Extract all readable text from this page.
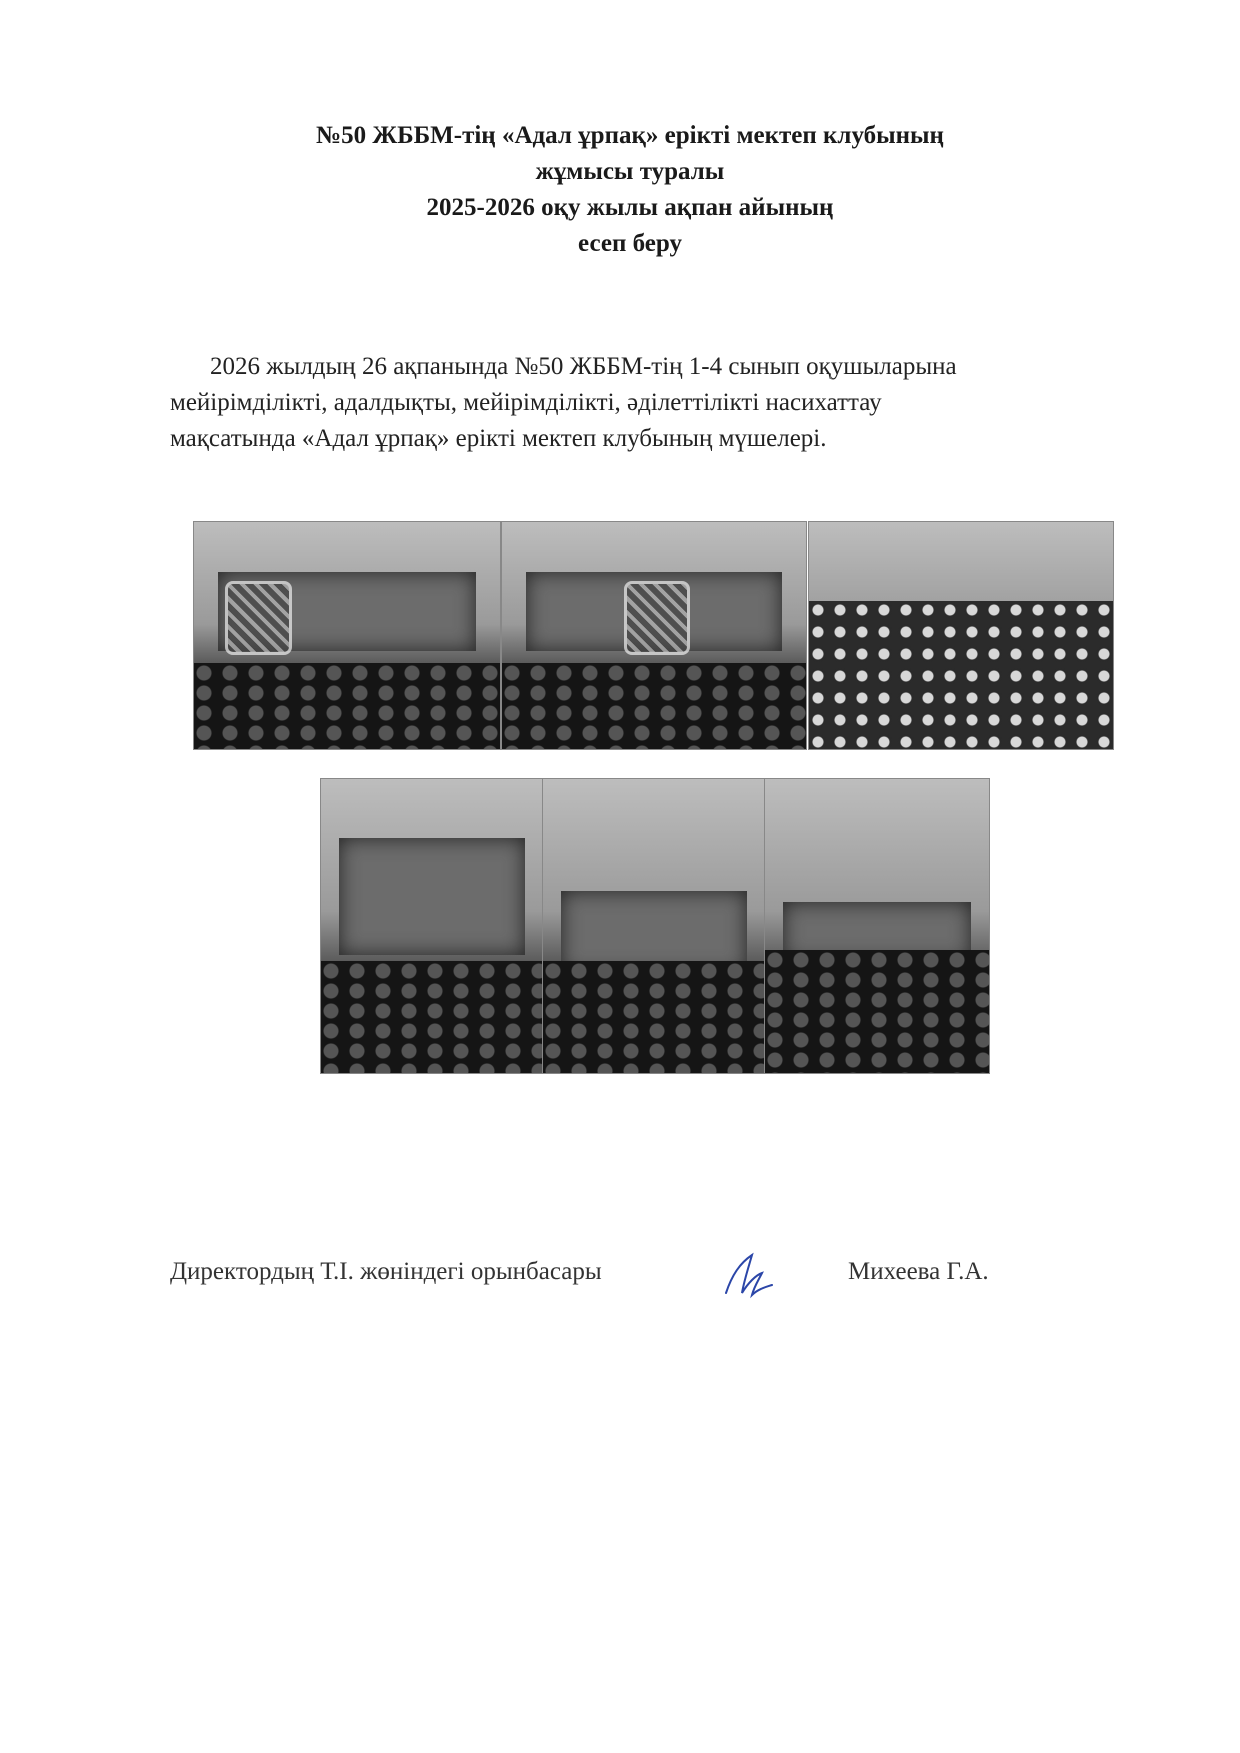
№50 ЖББМ-тің «Адал ұрпақ» ерікті мектеп клубының
жұмысы туралы
2025-2026 оқу жылы ақпан айының
есеп беру

2026 жылдың 26 ақпанында №50 ЖББМ-тің 1-4 сынып оқушыларына

мейірімділікті, адалдықты, мейірімділікті, әділеттілікті насихаттау

мақсатында «Адал ұрпақ» ерікті мектеп клубының мүшелері.

Директордың Т.І. жөніндегі орынбасары	Михеева Г.А.
